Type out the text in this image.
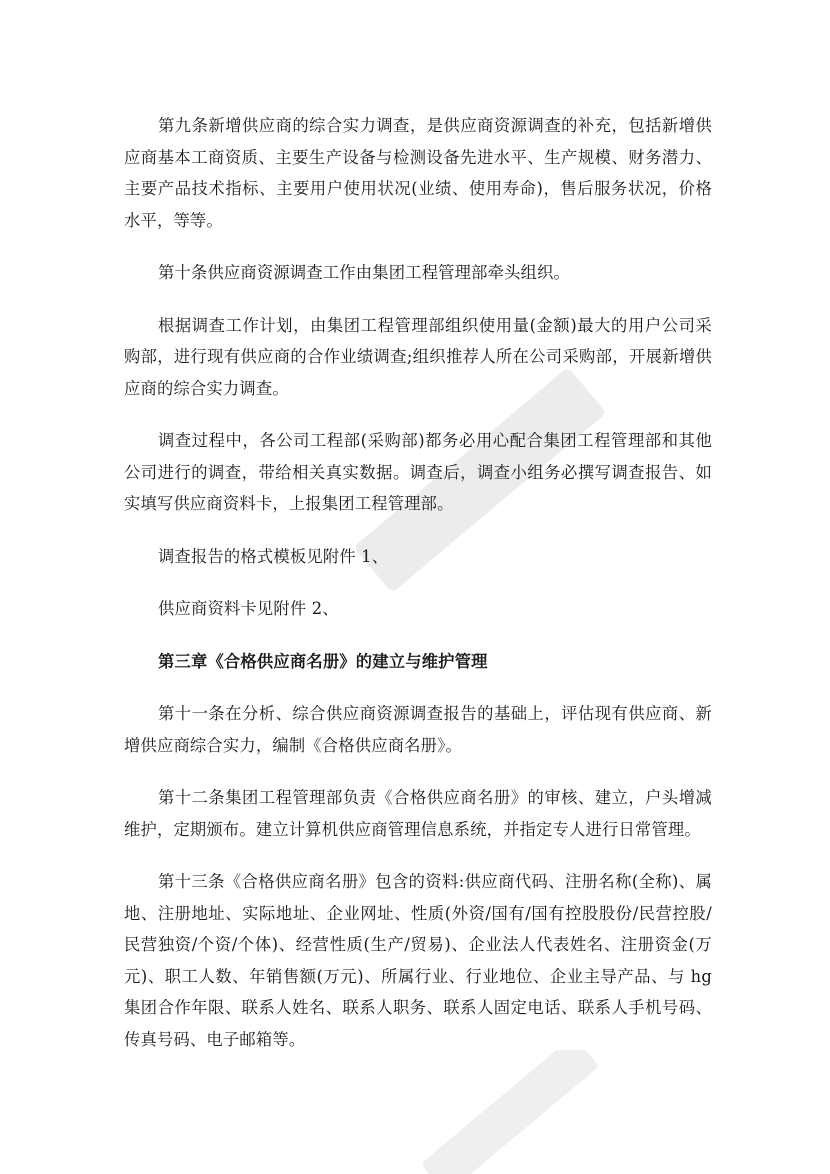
第九条新增供应商的综合实力调查，是供应商资源调查的补充，包括新增供应商基本工商资质、主要生产设备与检测设备先进水平、生产规模、财务潜力、主要产品技术指标、主要用户使用状况(业绩、使用寿命)，售后服务状况，价格水平，等等。

第十条供应商资源调查工作由集团工程管理部牵头组织。

根据调查工作计划，由集团工程管理部组织使用量(金额)最大的用户公司采购部，进行现有供应商的合作业绩调查;组织推荐人所在公司采购部，开展新增供应商的综合实力调查。

调查过程中，各公司工程部(采购部)都务必用心配合集团工程管理部和其他公司进行的调查，带给相关真实数据。调查后，调查小组务必撰写调查报告、如实填写供应商资料卡，上报集团工程管理部。

调查报告的格式模板见附件 1、

供应商资料卡见附件 2、

第三章《合格供应商名册》的建立与维护管理

第十一条在分析、综合供应商资源调查报告的基础上，评估现有供应商、新增供应商综合实力，编制《合格供应商名册》。

第十二条集团工程管理部负责《合格供应商名册》的审核、建立，户头增减维护，定期颁布。建立计算机供应商管理信息系统，并指定专人进行日常管理。

第十三条《合格供应商名册》包含的资料:供应商代码、注册名称(全称)、属地、注册地址、实际地址、企业网址、性质(外资/国有/国有控股股份/民营控股/民营独资/个资/个体)、经营性质(生产/贸易)、企业法人代表姓名、注册资金(万元)、职工人数、年销售额(万元)、所属行业、行业地位、企业主导产品、与 hg 集团合作年限、联系人姓名、联系人职务、联系人固定电话、联系人手机号码、传真号码、电子邮箱等。
